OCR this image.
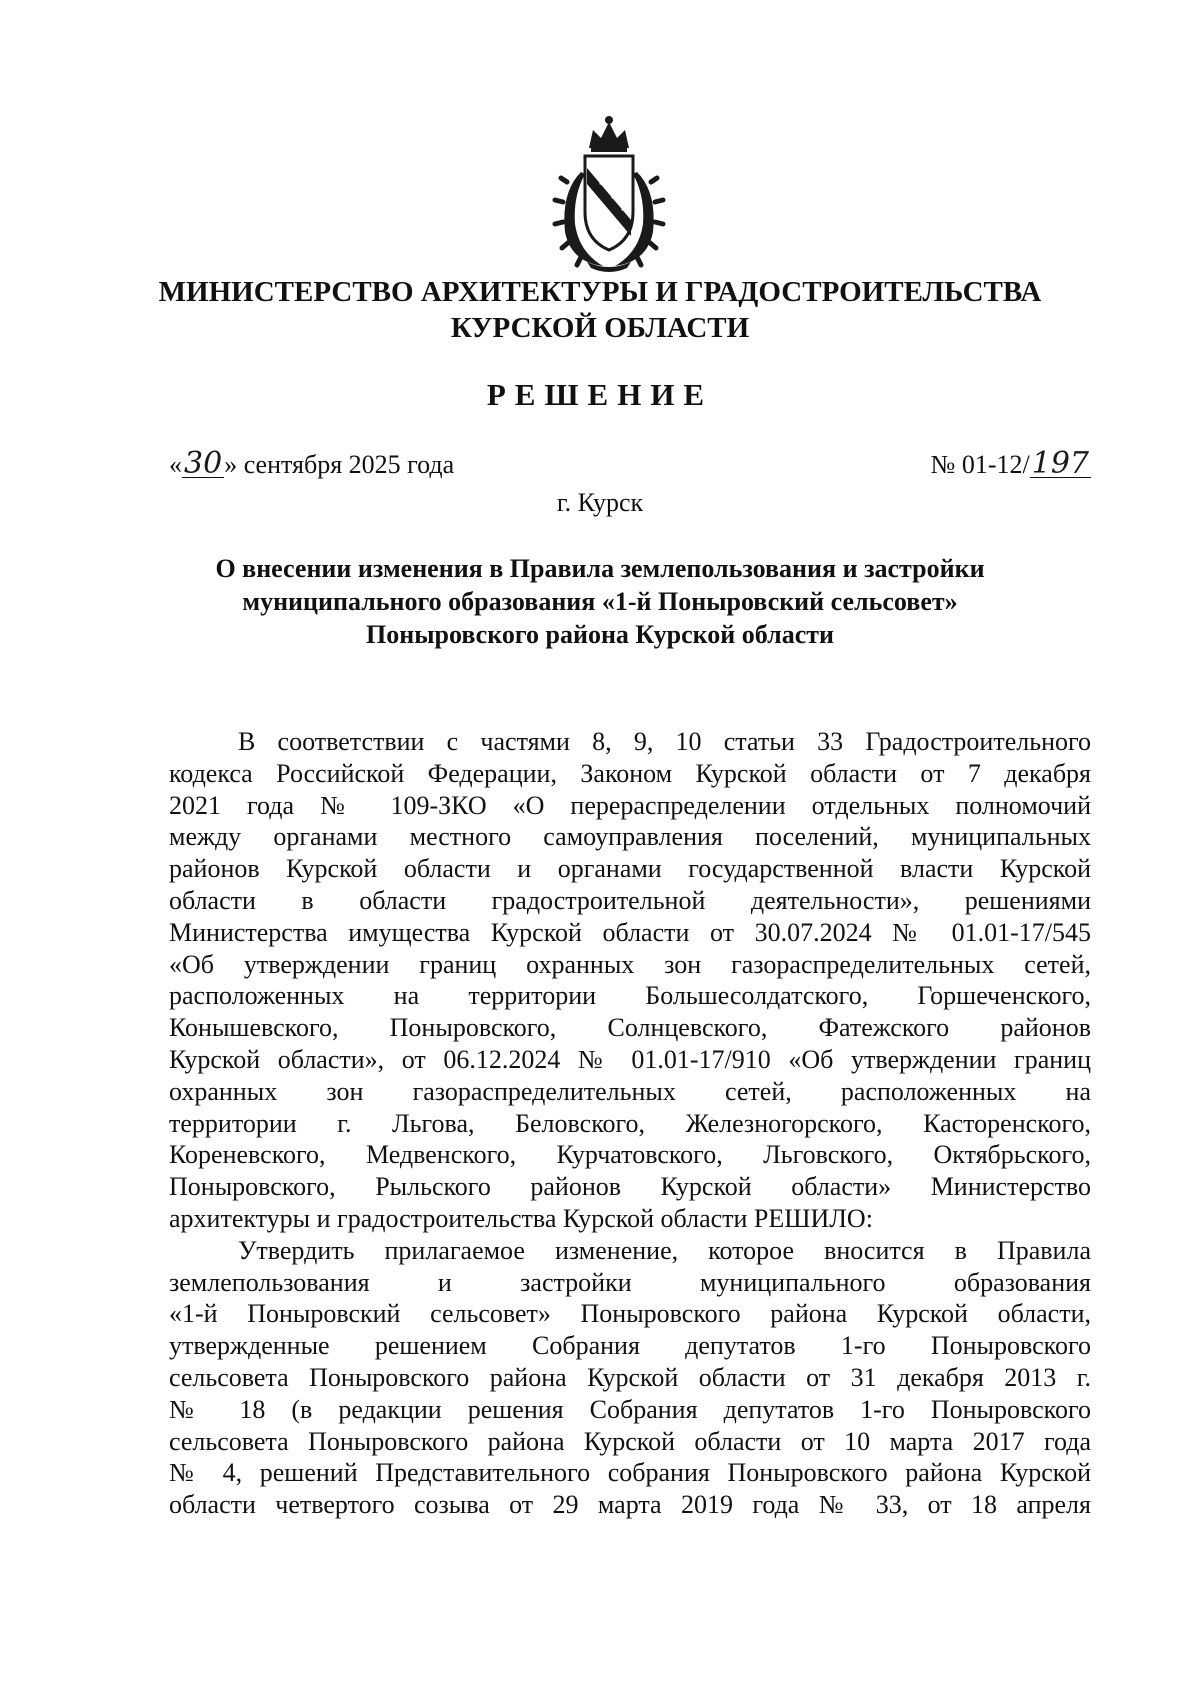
МИНИСТЕРСТВО АРХИТЕКТУРЫ И ГРАДОСТРОИТЕЛЬСТВА
КУРСКОЙ ОБЛАСТИ
РЕШЕНИЕ
«30» сентября 2025 года	№ 01-12/197
г. Курск
О внесении изменения в Правила землепользования и застройки
муниципального образования «1-й Поныровский сельсовет»
Поныровского района Курской области
В соответствии с частями 8, 9, 10 статьи 33 Градостроительного
кодекса Российской Федерации, Законом Курской области от 7 декабря
2021 года № 109-ЗКО «О перераспределении отдельных полномочий
между органами местного самоуправления поселений, муниципальных
районов Курской области и органами государственной власти Курской
области в области градостроительной деятельности», решениями
Министерства имущества Курской области от 30.07.2024 № 01.01-17/545
«Об утверждении границ охранных зон газораспределительных сетей,
расположенных на территории Большесолдатского, Горшеченского,
Конышевского, Поныровского, Солнцевского, Фатежского районов
Курской области», от 06.12.2024 № 01.01-17/910 «Об утверждении границ
охранных зон газораспределительных сетей, расположенных на
территории г. Льгова, Беловского, Железногорского, Касторенского,
Кореневского, Медвенского, Курчатовского, Льговского, Октябрьского,
Поныровского, Рыльского районов Курской области» Министерство
архитектуры и градостроительства Курской области РЕШИЛО:
Утвердить прилагаемое изменение, которое вносится в Правила
землепользования и застройки муниципального образования
«1-й Поныровский сельсовет» Поныровского района Курской области,
утвержденные решением Собрания депутатов 1-го Поныровского
сельсовета Поныровского района Курской области от 31 декабря 2013 г.
№ 18 (в редакции решения Собрания депутатов 1-го Поныровского
сельсовета Поныровского района Курской области от 10 марта 2017 года
№ 4, решений Представительного собрания Поныровского района Курской
области четвертого созыва от 29 марта 2019 года № 33, от 18 апреля
